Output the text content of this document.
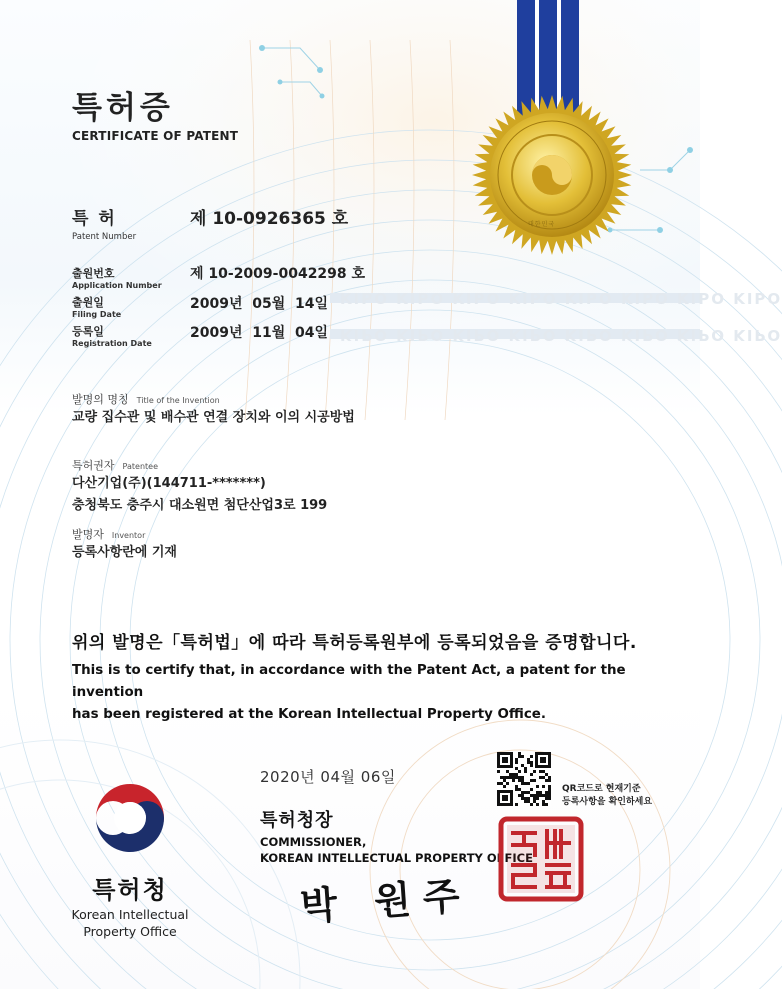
KIPO KIPO KIPO KIPO KIPO KIPO KIPO KIPO
KIPO KIPO KIPO KIPO KIPO KIPO KIPO KIPO
대한민국
특허증
CERTIFICATE OF PATENT
특 허
Patent Number
제 10-0926365 호
출원번호
Application Number
제 10-2009-0042298 호
출원일
Filing Date
2009년  05월  14일
등록일
Registration Date
2009년  11월  04일
발명의 명칭 Title of the Invention
교량 집수관 및 배수관 연결 장치와 이의 시공방법
특허권자 Patentee
다산기업(주)(144711-*******)
충청북도 충주시 대소원면 첨단산업3로 199
발명자 Inventor
등록사항란에 기재
위의 발명은「특허법」에 따라 특허등록원부에 등록되었음을 증명합니다.
This is to certify that, in accordance with the Patent Act, a patent for the invention
has been registered at the Korean Intellectual Property Office.
2020년 04월 06일
특허청장
COMMISSIONER,
KOREAN INTELLECTUAL PROPERTY OFFICE
박 원주
QR코드로 현재기준
등록사항을 확인하세요
특허청
Korean Intellectual
Property Office
